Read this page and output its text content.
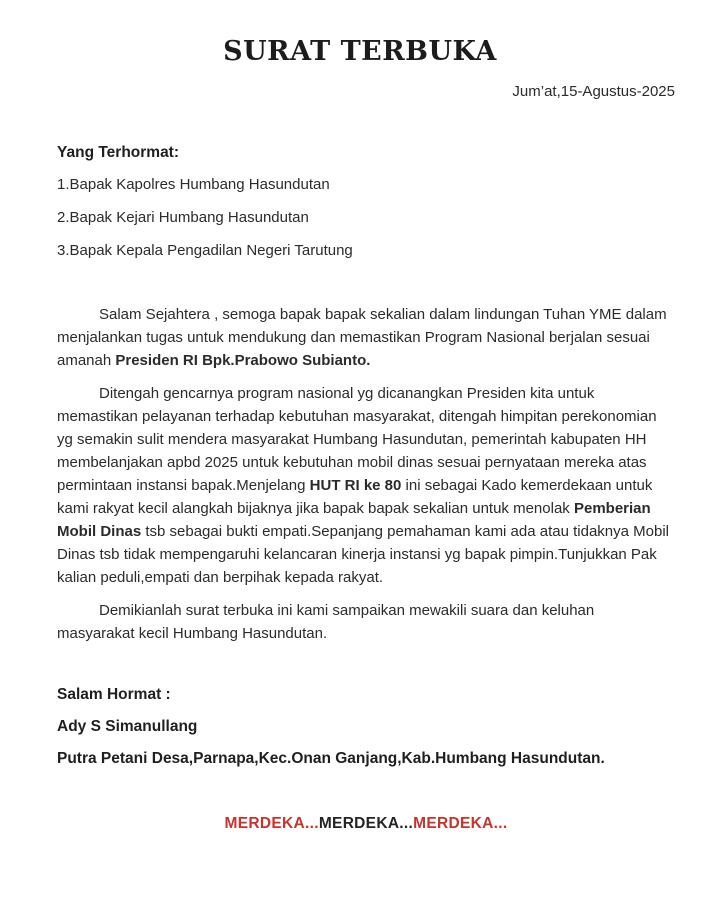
SURAT TERBUKA
Jum’at,15-Agustus-2025
Yang Terhormat:
1.Bapak Kapolres Humbang Hasundutan
2.Bapak Kejari Humbang Hasundutan
3.Bapak Kepala Pengadilan Negeri Tarutung

Salam Sejahtera , semoga bapak bapak sekalian dalam lindungan Tuhan YME dalam menjalankan tugas untuk mendukung dan memastikan Program Nasional berjalan sesuai amanah Presiden RI Bpk.Prabowo Subianto.

Ditengah gencarnya program nasional yg dicanangkan Presiden kita untuk memastikan pelayanan terhadap kebutuhan masyarakat, ditengah himpitan perekonomian yg semakin sulit mendera masyarakat Humbang Hasundutan, pemerintah kabupaten HH membelanjakan apbd 2025 untuk kebutuhan mobil dinas sesuai pernyataan mereka atas permintaan instansi bapak.Menjelang HUT RI ke 80 ini sebagai Kado kemerdekaan untuk kami rakyat kecil alangkah bijaknya jika bapak bapak sekalian untuk menolak Pemberian Mobil Dinas tsb sebagai bukti empati.Sepanjang pemahaman kami ada atau tidaknya Mobil Dinas tsb tidak mempengaruhi kelancaran kinerja instansi yg bapak pimpin.Tunjukkan Pak kalian peduli,empati dan berpihak kepada rakyat.

Demikianlah surat terbuka ini kami sampaikan mewakili suara dan keluhan masyarakat kecil Humbang Hasundutan.

Salam Hormat :
Ady S Simanullang
Putra Petani Desa,Parnapa,Kec.Onan Ganjang,Kab.Humbang Hasundutan.
MERDEKA...MERDEKA...MERDEKA...
